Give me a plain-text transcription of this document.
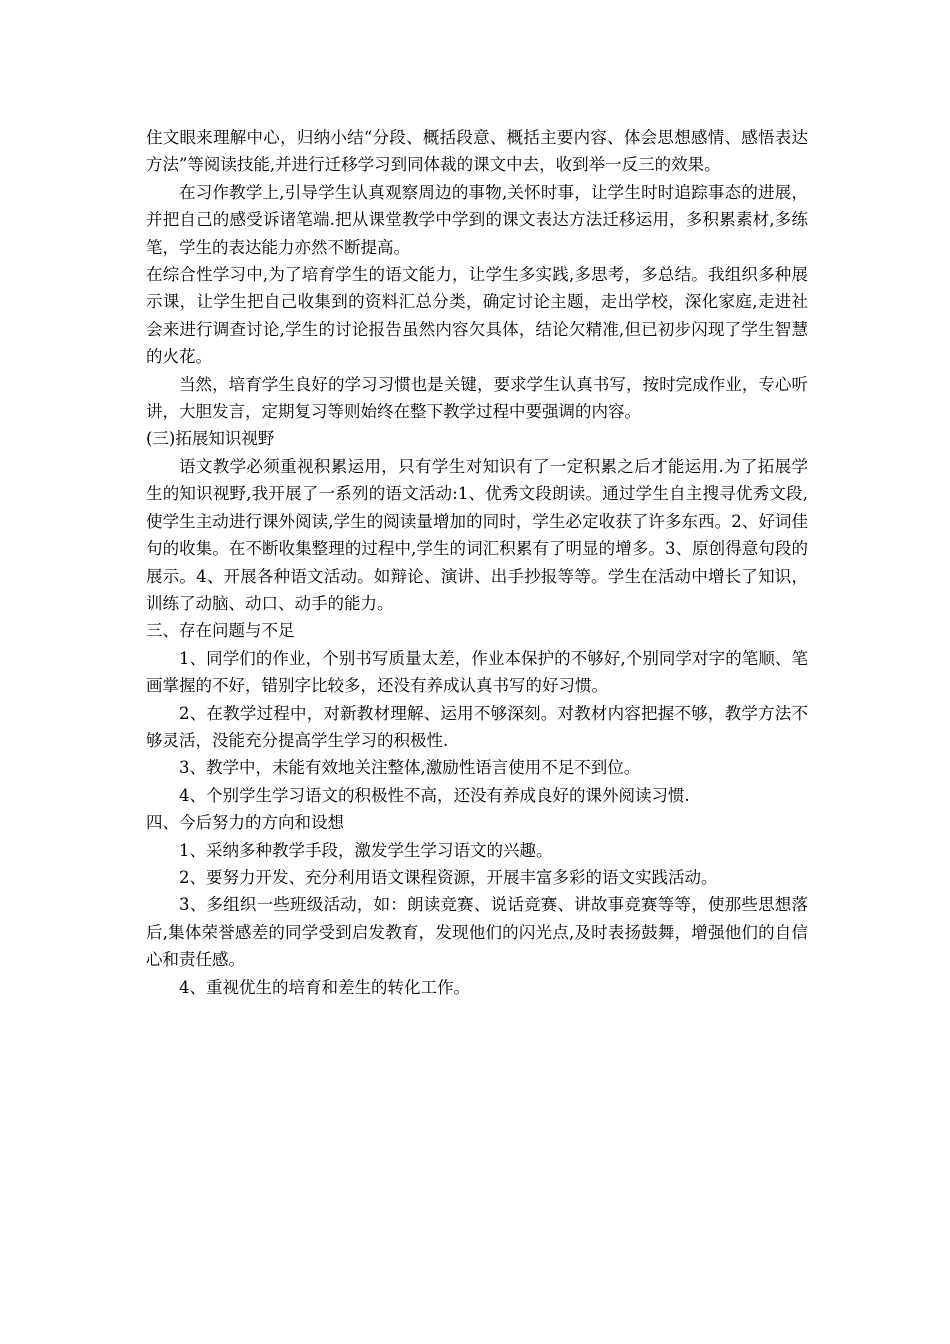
住文眼来理解中心，归纳小结“分段、概括段意、概括主要内容、体会思想感情、感悟表达方法”等阅读技能,并进行迁移学习到同体裁的课文中去，收到举一反三的效果。

在习作教学上,引导学生认真观察周边的事物,关怀时事，让学生时时追踪事态的进展，并把自己的感受诉诸笔端.把从课堂教学中学到的课文表达方法迁移运用，多积累素材,多练笔，学生的表达能力亦然不断提高。

在综合性学习中,为了培育学生的语文能力，让学生多实践,多思考，多总结。我组织多种展示课，让学生把自己收集到的资料汇总分类，确定讨论主题，走出学校，深化家庭,走进社会来进行调查讨论,学生的讨论报告虽然内容欠具体，结论欠精准,但已初步闪现了学生智慧的火花。

当然，培育学生良好的学习习惯也是关键，要求学生认真书写，按时完成作业，专心听讲，大胆发言，定期复习等则始终在整下教学过程中要强调的内容。

(三)拓展知识视野

语文教学必须重视积累运用，只有学生对知识有了一定积累之后才能运用.为了拓展学生的知识视野,我开展了一系列的语文活动:1、优秀文段朗读。通过学生自主搜寻优秀文段,使学生主动进行课外阅读,学生的阅读量增加的同时，学生必定收获了许多东西。2、好词佳句的收集。在不断收集整理的过程中,学生的词汇积累有了明显的增多。3、原创得意句段的展示。4、开展各种语文活动。如辩论、演讲、出手抄报等等。学生在活动中增长了知识，训练了动脑、动口、动手的能力。

三、存在问题与不足

1、同学们的作业，个别书写质量太差，作业本保护的不够好,个别同学对字的笔顺、笔画掌握的不好，错别字比较多，还没有养成认真书写的好习惯。

2、在教学过程中，对新教材理解、运用不够深刻。对教材内容把握不够，教学方法不够灵活，没能充分提高学生学习的积极性.

3、教学中，未能有效地关注整体,激励性语言使用不足不到位。

4、个别学生学习语文的积极性不高，还没有养成良好的课外阅读习惯.

四、今后努力的方向和设想

1、采纳多种教学手段，激发学生学习语文的兴趣。

2、要努力开发、充分利用语文课程资源，开展丰富多彩的语文实践活动。

3、多组织一些班级活动，如：朗读竞赛、说话竞赛、讲故事竞赛等等，使那些思想落后,集体荣誉感差的同学受到启发教育，发现他们的闪光点,及时表扬鼓舞，增强他们的自信心和责任感。

4、重视优生的培育和差生的转化工作。
